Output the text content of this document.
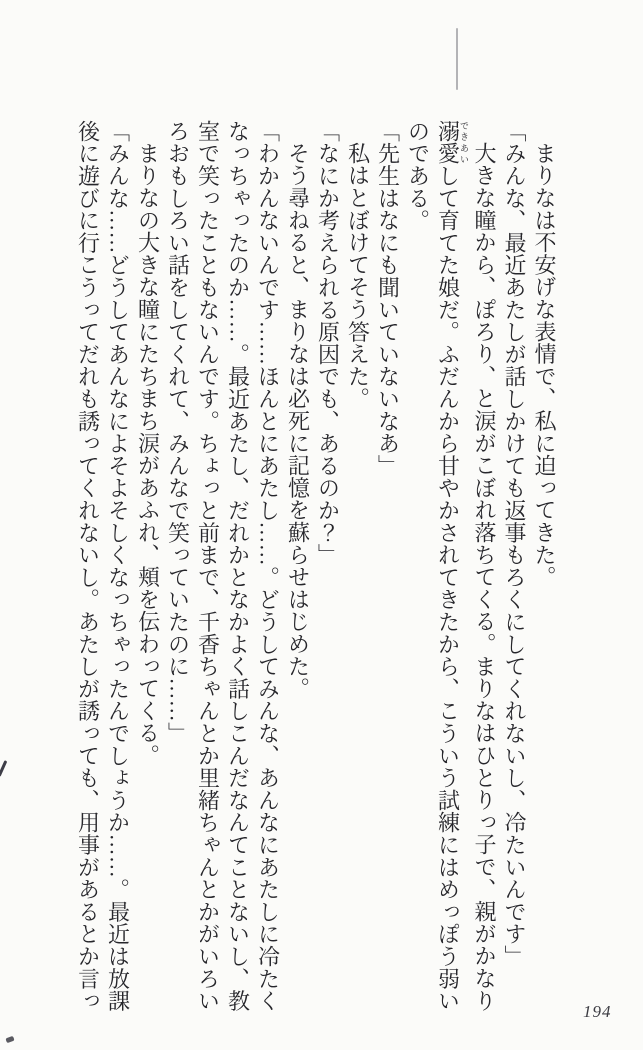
まりなは不安げな表情で、私に迫ってきた。

「みんな、最近あたしが話しかけても返事もろくにしてくれないし、冷たいんです」

大きな瞳から、ぽろり、と涙がこぼれ落ちてくる。まりなはひとりっ子で、親がかなり

溺愛できあいして育てた娘だ。ふだんから甘やかされてきたから、こういう試練にはめっぽう弱い

のである。

「先生はなにも聞いていないなあ」

私はとぼけてそう答えた。

「なにか考えられる原因でも、あるのか？」

そう尋ねると、まりなは必死に記憶を蘇らせはじめた。

「わかんないんです……ほんとにあたし……。どうしてみんな、あんなにあたしに冷たく

なっちゃったのか……。最近あたし、だれかとなかよく話しこんだなんてことないし、教

室で笑ったこともないんです。ちょっと前まで、千香ちゃんとか里緒ちゃんとかがいろい

ろおもしろい話をしてくれて、みんなで笑っていたのに……」

まりなの大きな瞳にたちまち涙があふれ、頬を伝わってくる。

「みんな……どうしてあんなによそよそしくなっちゃったんでしょうか……。最近は放課

後に遊びに行こうってだれも誘ってくれないし。あたしが誘っても、用事があるとか言っ	194
